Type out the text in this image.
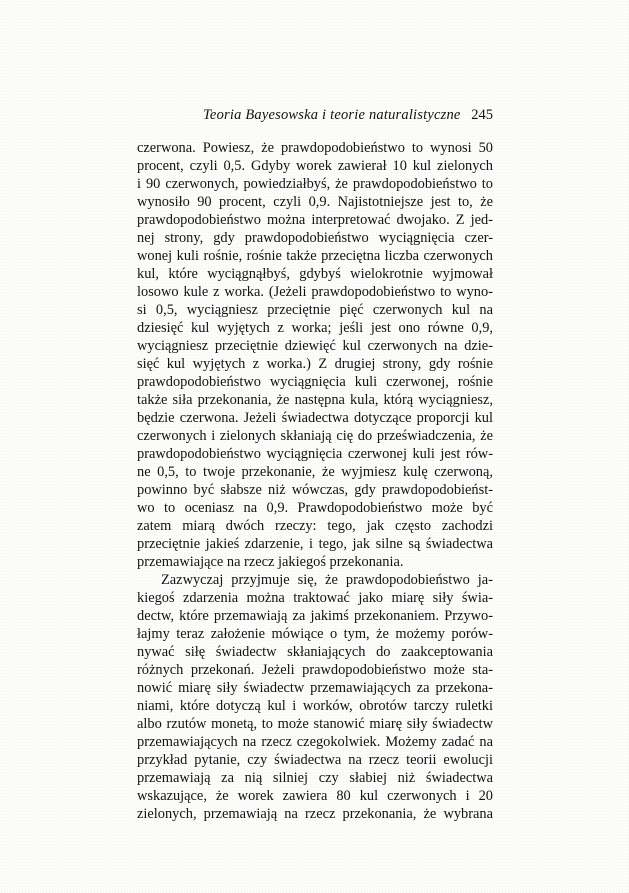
Teoria Bayesowska i teorie naturalistyczne 245
czerwona. Powiesz, że prawdopodobieństwo to wynosi 50
procent, czyli 0,5. Gdyby worek zawierał 10 kul zielonych
i 90 czerwonych, powiedziałbyś, że prawdopodobieństwo to
wynosiło 90 procent, czyli 0,9. Najistotniejsze jest to, że
prawdopodobieństwo można interpretować dwojako. Z jed-
nej strony, gdy prawdopodobieństwo wyciągnięcia czer-
wonej kuli rośnie, rośnie także przeciętna liczba czerwonych
kul, które wyciągnąłbyś, gdybyś wielokrotnie wyjmował
losowo kule z worka. (Jeżeli prawdopodobieństwo to wyno-
si 0,5, wyciągniesz przeciętnie pięć czerwonych kul na
dziesięć kul wyjętych z worka; jeśli jest ono równe 0,9,
wyciągniesz przeciętnie dziewięć kul czerwonych na dzie-
sięć kul wyjętych z worka.) Z drugiej strony, gdy rośnie
prawdopodobieństwo wyciągnięcia kuli czerwonej, rośnie
także siła przekonania, że następna kula, którą wyciągniesz,
będzie czerwona. Jeżeli świadectwa dotyczące proporcji kul
czerwonych i zielonych skłaniają cię do przeświadczenia, że
prawdopodobieństwo wyciągnięcia czerwonej kuli jest rów-
ne 0,5, to twoje przekonanie, że wyjmiesz kulę czerwoną,
powinno być słabsze niż wówczas, gdy prawdopodobieńst-
wo to oceniasz na 0,9. Prawdopodobieństwo może być
zatem miarą dwóch rzeczy: tego, jak często zachodzi
przeciętnie jakieś zdarzenie, i tego, jak silne są świadectwa
przemawiające na rzecz jakiegoś przekonania.
Zazwyczaj przyjmuje się, że prawdopodobieństwo ja-
kiegoś zdarzenia można traktować jako miarę siły świa-
dectw, które przemawiają za jakimś przekonaniem. Przywo-
łajmy teraz założenie mówiące o tym, że możemy porów-
nywać siłę świadectw skłaniających do zaakceptowania
różnych przekonań. Jeżeli prawdopodobieństwo może sta-
nowić miarę siły świadectw przemawiających za przekona-
niami, które dotyczą kul i worków, obrotów tarczy ruletki
albo rzutów monetą, to może stanowić miarę siły świadectw
przemawiających na rzecz czegokolwiek. Możemy zadać na
przykład pytanie, czy świadectwa na rzecz teorii ewolucji
przemawiają za nią silniej czy słabiej niż świadectwa
wskazujące, że worek zawiera 80 kul czerwonych i 20
zielonych, przemawiają na rzecz przekonania, że wybrana
